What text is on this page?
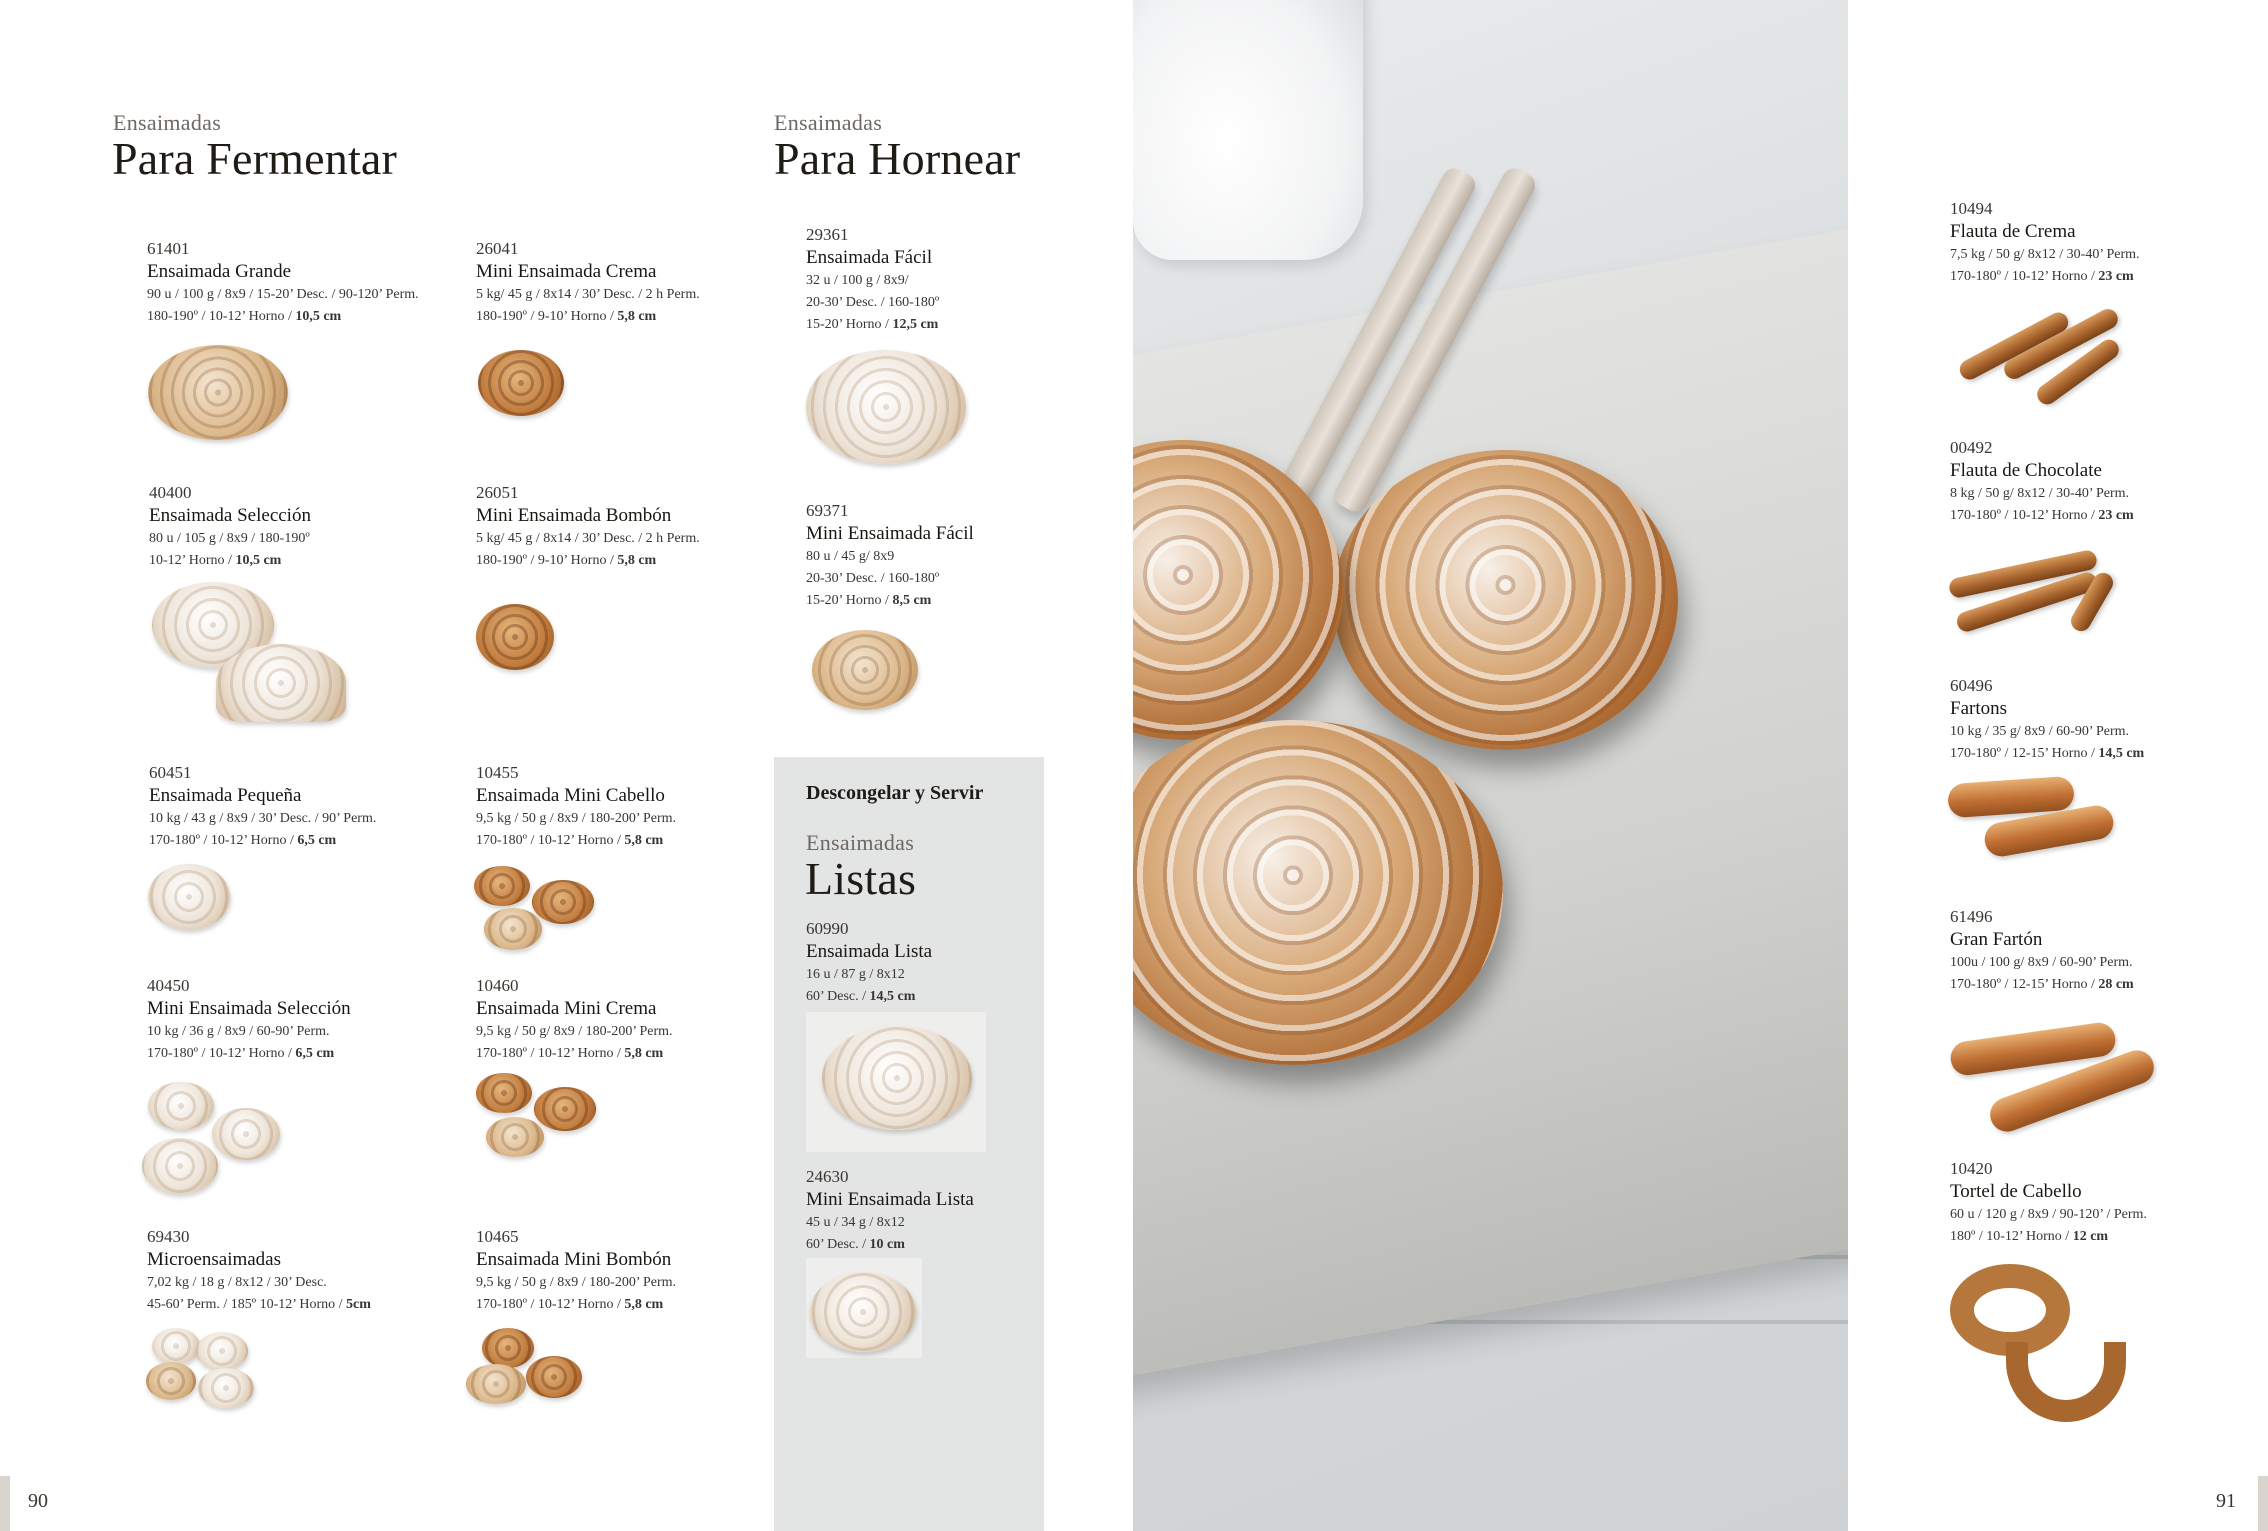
Ensaimadas
Para Fermentar
61401
Ensaimada Grande
90 u / 100 g / 8x9 / 15-20’ Desc. / 90-120’ Perm.
180-190º / 10-12’ Horno / 10,5 cm
26041
Mini Ensaimada Crema
5 kg/ 45 g / 8x14 / 30’ Desc. / 2 h Perm.
180-190º / 9-10’ Horno / 5,8 cm
40400
Ensaimada Selección
80 u / 105 g / 8x9 / 180-190º
10-12’ Horno / 10,5 cm
26051
Mini Ensaimada Bombón
5 kg/ 45 g / 8x14 / 30’ Desc. / 2 h Perm.
180-190º / 9-10’ Horno / 5,8 cm
60451
Ensaimada Pequeña
10 kg / 43 g / 8x9 / 30’ Desc. / 90’ Perm.
170-180º / 10-12’ Horno / 6,5 cm
10455
Ensaimada Mini Cabello
9,5 kg / 50 g / 8x9 / 180-200’ Perm.
170-180º / 10-12’ Horno / 5,8 cm
40450
Mini Ensaimada Selección
10 kg / 36 g / 8x9 / 60-90’ Perm.
170-180º / 10-12’ Horno / 6,5 cm
10460
Ensaimada Mini Crema
9,5 kg / 50 g/ 8x9 / 180-200’ Perm.
170-180º / 10-12’ Horno / 5,8 cm
69430
Microensaimadas
7,02 kg / 18 g / 8x12 / 30’ Desc.
45-60’ Perm. / 185º 10-12’ Horno / 5cm
10465
Ensaimada Mini Bombón
9,5 kg / 50 g / 8x9 / 180-200’ Perm.
170-180º / 10-12’ Horno / 5,8 cm
Ensaimadas
Para Hornear
29361
Ensaimada Fácil
32 u / 100 g / 8x9/
20-30’ Desc. / 160-180º
15-20’ Horno / 12,5 cm
69371
Mini Ensaimada Fácil
80 u / 45 g/ 8x9
20-30’ Desc. / 160-180º
15-20’ Horno / 8,5 cm
Descongelar y Servir
Ensaimadas
Listas
60990
Ensaimada Lista
16 u / 87 g / 8x12
60’ Desc. / 14,5 cm
24630
Mini Ensaimada Lista
45 u / 34 g / 8x12
60’ Desc. / 10 cm
90
10494
Flauta de Crema
7,5 kg / 50 g/ 8x12 / 30-40’ Perm.
170-180º / 10-12’ Horno / 23 cm
00492
Flauta de Chocolate
8 kg / 50 g/ 8x12 / 30-40’ Perm.
170-180º / 10-12’ Horno / 23 cm
60496
Fartons
10 kg / 35 g/ 8x9 / 60-90’ Perm.
170-180º / 12-15’ Horno / 14,5 cm
61496
Gran Fartón
100u / 100 g/ 8x9 / 60-90’ Perm.
170-180º / 12-15’ Horno / 28 cm
10420
Tortel de Cabello
60 u / 120 g / 8x9 / 90-120’ / Perm.
180º / 10-12’ Horno / 12 cm
91
